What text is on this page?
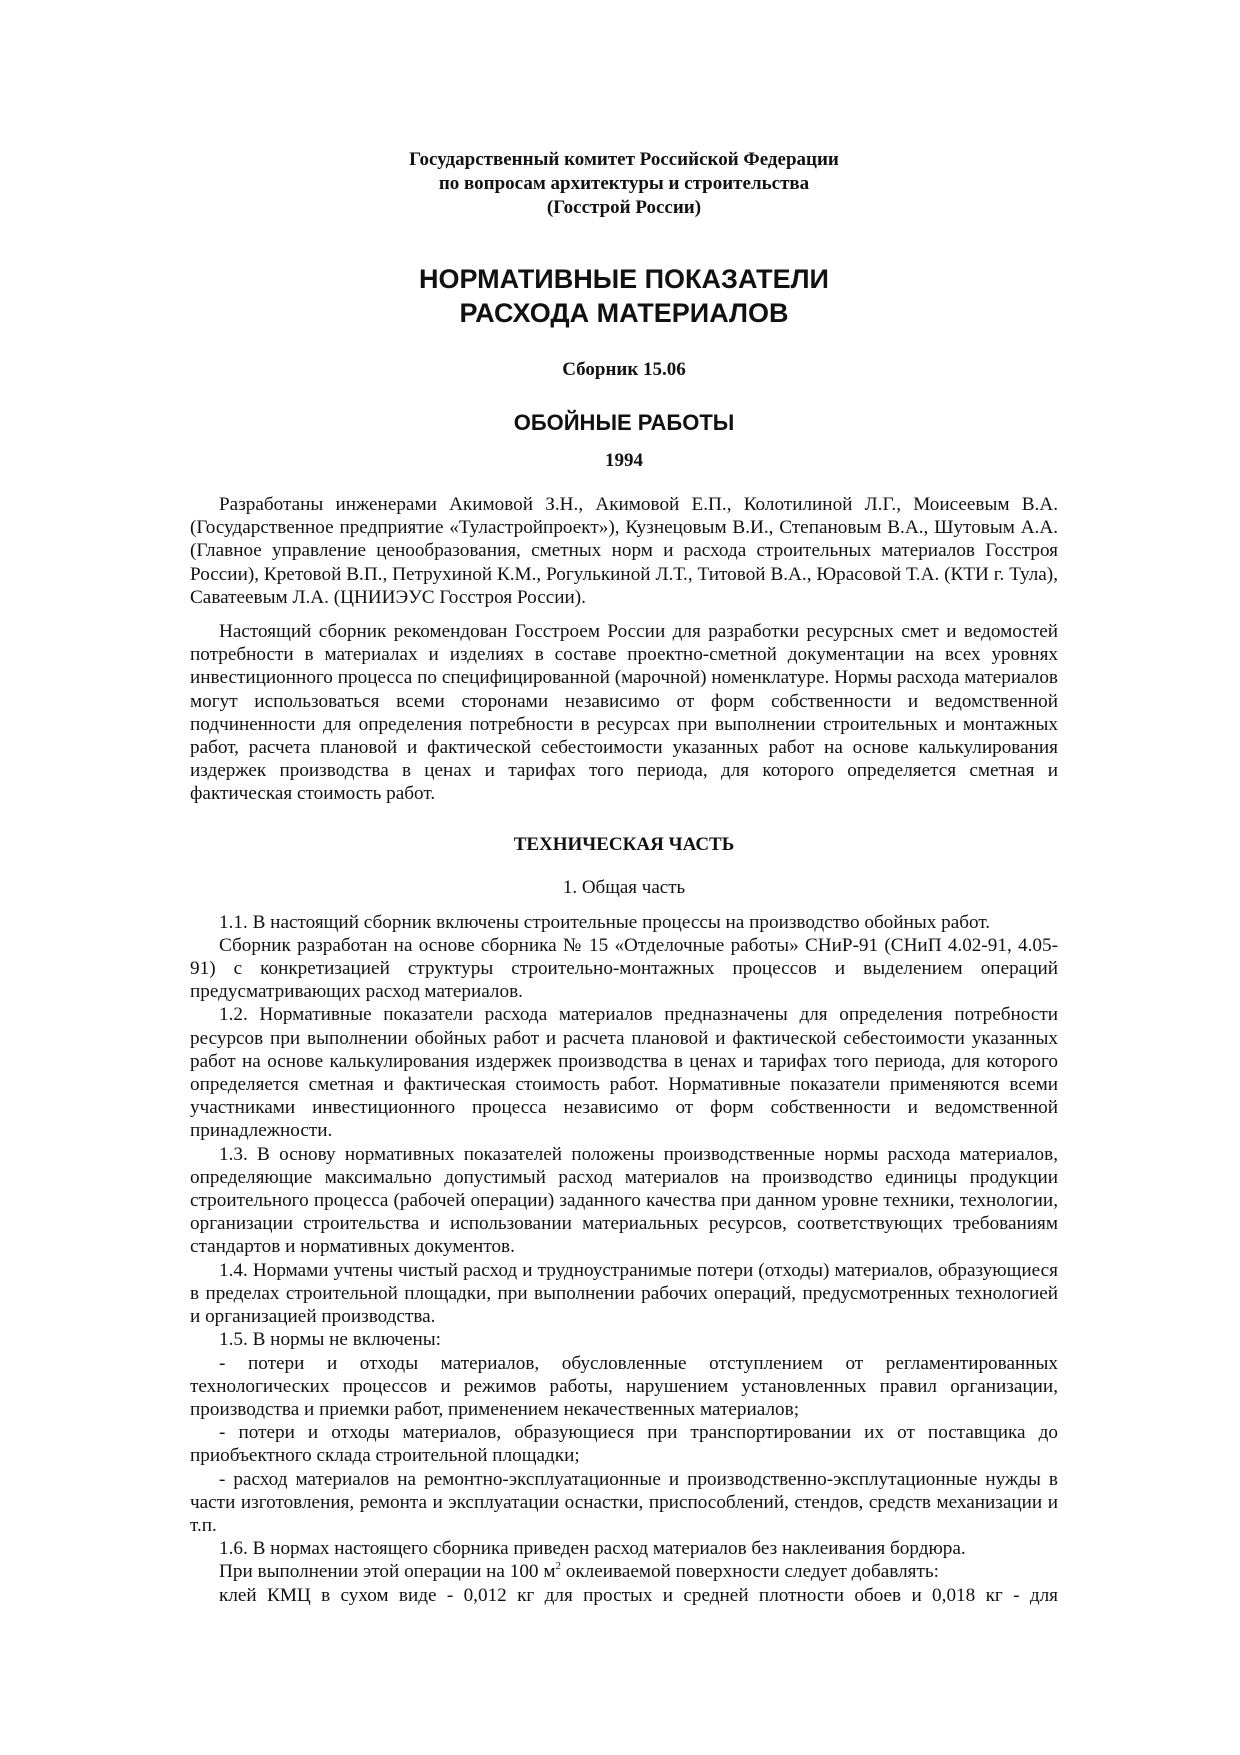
Государственный комитет Российской Федерации

по вопросам архитектуры и строительства

(Госстрой России)

НОРМАТИВНЫЕ ПОКАЗАТЕЛИ
РАСХОДА МАТЕРИАЛОВ

Сборник 15.06

ОБОЙНЫЕ РАБОТЫ

1994

Разработаны инженерами Акимовой З.Н., Акимовой Е.П., Колотилиной Л.Г., Моисеевым В.А. (Государственное предприятие «Туластройпроект»), Кузнецовым В.И., Степановым В.А., Шутовым А.А. (Главное управление ценообразования, сметных норм и расхода строительных материалов Госстроя России), Кретовой В.П., Петрухиной К.М., Рогулькиной Л.Т., Титовой В.А., Юрасовой Т.А. (КТИ г. Тула), Саватеевым Л.А. (ЦНИИЭУС Госстроя России).

Настоящий сборник рекомендован Госстроем России для разработки ресурсных смет и ведомостей потребности в материалах и изделиях в составе проектно-сметной документации на всех уровнях инвестиционного процесса по специфицированной (марочной) номенклатуре. Нормы расхода материалов могут использоваться всеми сторонами независимо от форм собственности и ведомственной подчиненности для определения потребности в ресурсах при выполнении строительных и монтажных работ, расчета плановой и фактической себестоимости указанных работ на основе калькулирования издержек производства в ценах и тарифах того периода, для которого определяется сметная и фактическая стоимость работ.

ТЕХНИЧЕСКАЯ ЧАСТЬ

1. Общая часть

1.1. В настоящий сборник включены строительные процессы на производство обойных работ.

Сборник разработан на основе сборника № 15 «Отделочные работы» СНиР-91 (СНиП 4.02-91, 4.05-91) с конкретизацией структуры строительно-монтажных процессов и выделением операций предусматривающих расход материалов.

1.2. Нормативные показатели расхода материалов предназначены для определения потребности ресурсов при выполнении обойных работ и расчета плановой и фактической себестоимости указанных работ на основе калькулирования издержек производства в ценах и тарифах того периода, для которого определяется сметная и фактическая стоимость работ. Нормативные показатели применяются всеми участниками инвестиционного процесса независимо от форм собственности и ведомственной принадлежности.

1.3. В основу нормативных показателей положены производственные нормы расхода материалов, определяющие максимально допустимый расход материалов на производство единицы продукции строительного процесса (рабочей операции) заданного качества при данном уровне техники, технологии, организации строительства и использовании материальных ресурсов, соответствующих требованиям стандартов и нормативных документов.

1.4. Нормами учтены чистый расход и трудноустранимые потери (отходы) материалов, образующиеся в пределах строительной площадки, при выполнении рабочих операций, предусмотренных технологией и организацией производства.

1.5. В нормы не включены:

- потери и отходы материалов, обусловленные отступлением от регламентированных технологических процессов и режимов работы, нарушением установленных правил организации, производства и приемки работ, применением некачественных материалов;

- потери и отходы материалов, образующиеся при транспортировании их от поставщика до приобъектного склада строительной площадки;

- расход материалов на ремонтно-эксплуатационные и производственно-эксплутационные нужды в части изготовления, ремонта и эксплуатации оснастки, приспособлений, стендов, средств механизации и т.п.

1.6. В нормах настоящего сборника приведен расход материалов без наклеивания бордюра.

При выполнении этой операции на 100 $м^2$ оклеиваемой поверхности следует добавлять:

клей КМЦ в сухом виде - 0,012 кг для простых и средней плотности обоев и 0,018 кг - для
